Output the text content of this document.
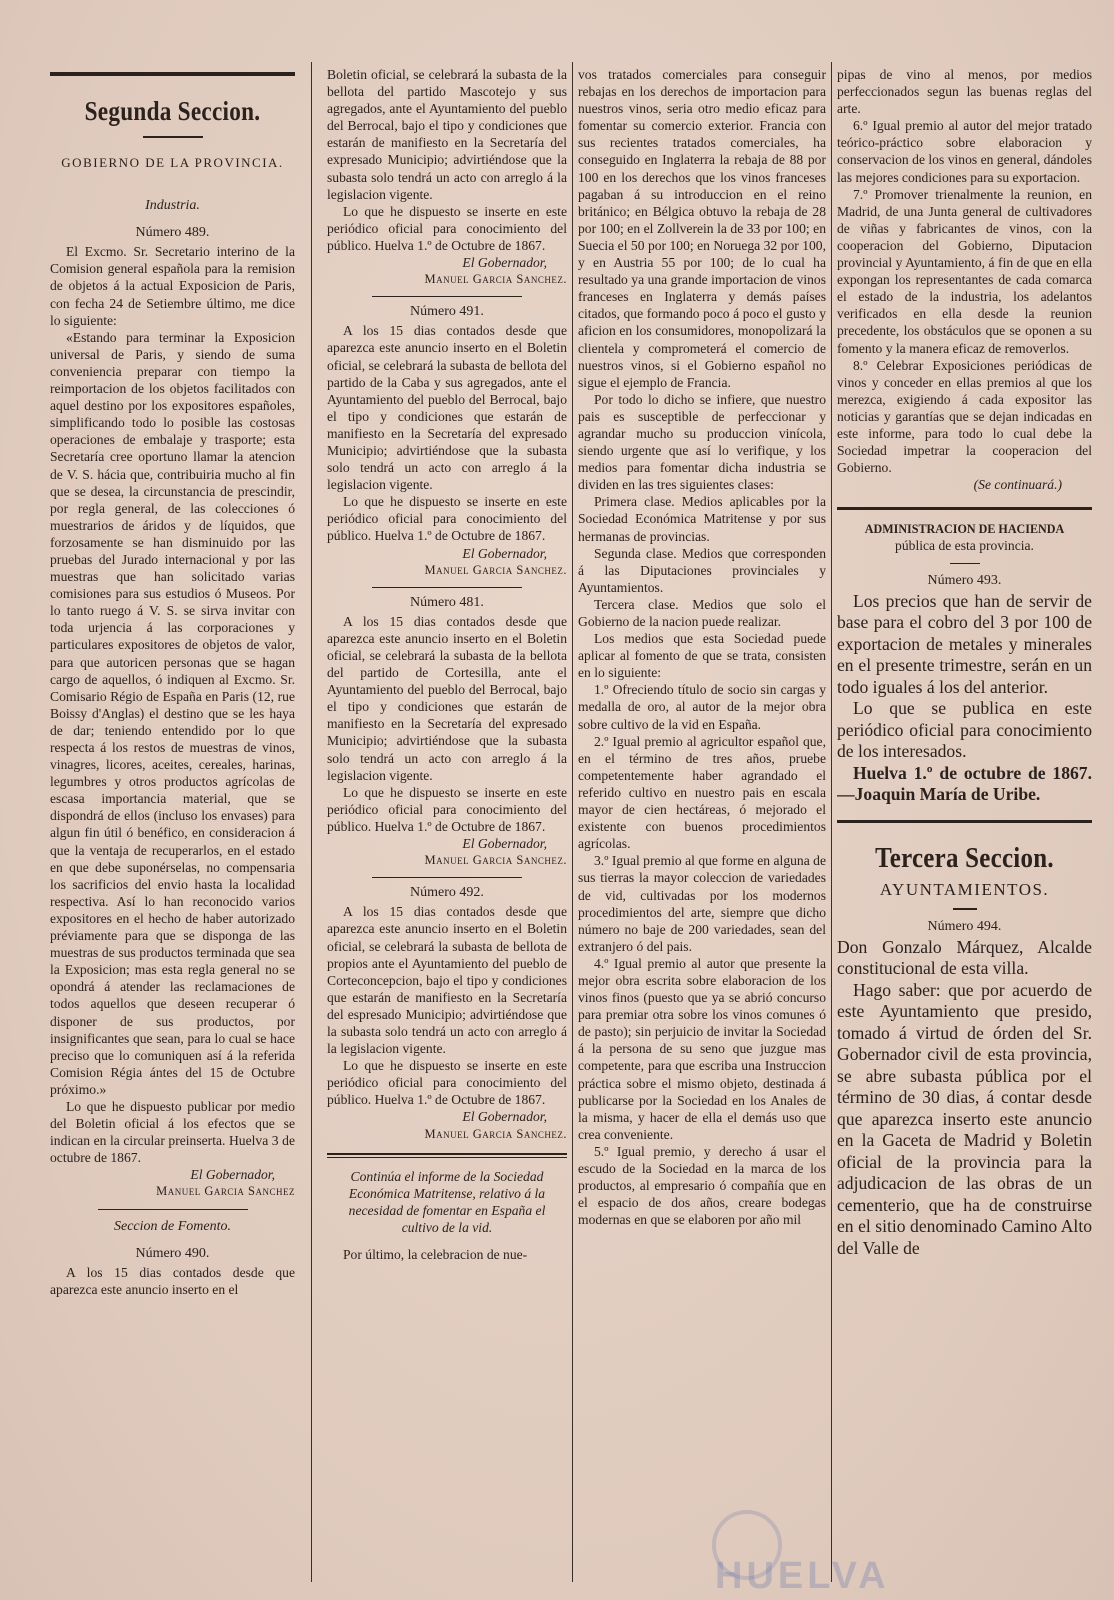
Segunda Seccion.
GOBIERNO DE LA PROVINCIA.
Industria.

Número 489.

El Excmo. Sr. Secretario interino de la Comision general española para la remision de objetos á la actual Exposicion de Paris, con fecha 24 de Setiembre último, me dice lo siguiente:

«Estando para terminar la Exposicion universal de Paris, y siendo de suma conveniencia preparar con tiempo la reimportacion de los objetos facilitados con aquel destino por los expositores españoles, simplificando todo lo posible las costosas operaciones de embalaje y trasporte; esta Secretaría cree oportuno llamar la atencion de V. S. hácia que, contribuiria mucho al fin que se desea, la circunstancia de prescindir, por regla general, de las colecciones ó muestrarios de áridos y de líquidos, que forzosamente se han disminuido por las pruebas del Jurado internacional y por las muestras que han solicitado varias comisiones para sus estudios ó Museos. Por lo tanto ruego á V. S. se sirva invitar con toda urjencia á las corporaciones y particulares expositores de objetos de valor, para que autoricen personas que se hagan cargo de aquellos, ó indiquen al Excmo. Sr. Comisario Régio de España en Paris (12, rue Boissy d'Anglas) el destino que se les haya de dar; teniendo entendido por lo que respecta á los restos de muestras de vinos, vinagres, licores, aceites, cereales, harinas, legumbres y otros productos agrícolas de escasa importancia material, que se dispondrá de ellos (incluso los envases) para algun fin útil ó benéfico, en consideracion á que la ventaja de recuperarlos, en el estado en que debe suponérselas, no compensaria los sacrificios del envio hasta la localidad respectiva. Así lo han reconocido varios expositores en el hecho de haber autorizado préviamente para que se disponga de las muestras de sus productos terminada que sea la Exposicion; mas esta regla general no se opondrá á atender las reclamaciones de todos aquellos que deseen recuperar ó disponer de sus productos, por insignificantes que sean, para lo cual se hace preciso que lo comuniquen así á la referida Comision Régia ántes del 15 de Octubre próximo.»

Lo que he dispuesto publicar por medio del Boletin oficial á los efectos que se indican en la circular preinserta. Huelva 3 de octubre de 1867.

El Gobernador,

Manuel Garcia Sanchez

Seccion de Fomento.

Número 490.

A los 15 dias contados desde que aparezca este anuncio inserto en el

Boletin oficial, se celebrará la subasta de la bellota del partido Mascotejo y sus agregados, ante el Ayuntamiento del pueblo del Berrocal, bajo el tipo y condiciones que estarán de manifiesto en la Secretaría del expresado Municipio; advirtiéndose que la subasta solo tendrá un acto con arreglo á la legislacion vigente.

Lo que he dispuesto se inserte en este periódico oficial para conocimiento del público. Huelva 1.º de Octubre de 1867.

El Gobernador,

Manuel Garcia Sanchez.

Número 491.

A los 15 dias contados desde que aparezca este anuncio inserto en el Boletin oficial, se celebrará la subasta de bellota del partido de la Caba y sus agregados, ante el Ayuntamiento del pueblo del Berrocal, bajo el tipo y condiciones que estarán de manifiesto en la Secretaría del expresado Municipio; advirtiéndose que la subasta solo tendrá un acto con arreglo á la legislacion vigente.

Lo que he dispuesto se inserte en este periódico oficial para conocimiento del público. Huelva 1.º de Octubre de 1867.

El Gobernador,

Manuel Garcia Sanchez.

Número 481.

A los 15 dias contados desde que aparezca este anuncio inserto en el Boletin oficial, se celebrará la subasta de la bellota del partido de Cortesilla, ante el Ayuntamiento del pueblo del Berrocal, bajo el tipo y condiciones que estarán de manifiesto en la Secretaría del expresado Municipio; advirtiéndose que la subasta solo tendrá un acto con arreglo á la legislacion vigente.

Lo que he dispuesto se inserte en este periódico oficial para conocimiento del público. Huelva 1.º de Octubre de 1867.

El Gobernador,

Manuel Garcia Sanchez.

Número 492.

A los 15 dias contados desde que aparezca este anuncio inserto en el Boletin oficial, se celebrará la subasta de bellota de propios ante el Ayuntamiento del pueblo de Corteconcepcion, bajo el tipo y condiciones que estarán de manifiesto en la Secretaría del espresado Municipio; advirtiéndose que la subasta solo tendrá un acto con arreglo á la legislacion vigente.

Lo que he dispuesto se inserte en este periódico oficial para conocimiento del público. Huelva 1.º de Octubre de 1867.

El Gobernador,

Manuel Garcia Sanchez.

Continúa el informe de la Sociedad Económica Matritense, relativo á la necesidad de fomentar en España el cultivo de la vid.

Por último, la celebracion de nue-

vos tratados comerciales para conseguir rebajas en los derechos de importacion para nuestros vinos, seria otro medio eficaz para fomentar su comercio exterior. Francia con sus recientes tratados comerciales, ha conseguido en Inglaterra la rebaja de 88 por 100 en los derechos que los vinos franceses pagaban á su introduccion en el reino británico; en Bélgica obtuvo la rebaja de 28 por 100; en el Zollverein la de 33 por 100; en Suecia el 50 por 100; en Noruega 32 por 100, y en Austria 55 por 100; de lo cual ha resultado ya una grande importacion de vinos franceses en Inglaterra y demás países citados, que formando poco á poco el gusto y aficion en los consumidores, monopolizará la clientela y comprometerá el comercio de nuestros vinos, si el Gobierno español no sigue el ejemplo de Francia.

Por todo lo dicho se infiere, que nuestro pais es susceptible de perfeccionar y agrandar mucho su produccion vinícola, siendo urgente que así lo verifique, y los medios para fomentar dicha industria se dividen en las tres siguientes clases:

Primera clase. Medios aplicables por la Sociedad Económica Matritense y por sus hermanas de provincias.

Segunda clase. Medios que corresponden á las Diputaciones provinciales y Ayuntamientos.

Tercera clase. Medios que solo el Gobierno de la nacion puede realizar.

Los medios que esta Sociedad puede aplicar al fomento de que se trata, consisten en lo siguiente:

1.º Ofreciendo título de socio sin cargas y medalla de oro, al autor de la mejor obra sobre cultivo de la vid en España.

2.º Igual premio al agricultor español que, en el término de tres años, pruebe competentemente haber agrandado el referido cultivo en nuestro pais en escala mayor de cien hectáreas, ó mejorado el existente con buenos procedimientos agrícolas.

3.º Igual premio al que forme en alguna de sus tierras la mayor coleccion de variedades de vid, cultivadas por los modernos procedimientos del arte, siempre que dicho número no baje de 200 variedades, sean del extranjero ó del pais.

4.º Igual premio al autor que presente la mejor obra escrita sobre elaboracion de los vinos finos (puesto que ya se abrió concurso para premiar otra sobre los vinos comunes ó de pasto); sin perjuicio de invitar la Sociedad á la persona de su seno que juzgue mas competente, para que escriba una Instruccion práctica sobre el mismo objeto, destinada á publicarse por la Sociedad en los Anales de la misma, y hacer de ella el demás uso que crea conveniente.

5.º Igual premio, y derecho á usar el escudo de la Sociedad en la marca de los productos, al empresario ó compañía que en el espacio de dos años, creare bodegas modernas en que se elaboren por año mil

pipas de vino al menos, por medios perfeccionados segun las buenas reglas del arte.

6.º Igual premio al autor del mejor tratado teórico-práctico sobre elaboracion y conservacion de los vinos en general, dándoles las mejores condiciones para su exportacion.

7.º Promover trienalmente la reunion, en Madrid, de una Junta general de cultivadores de viñas y fabricantes de vinos, con la cooperacion del Gobierno, Diputacion provincial y Ayuntamiento, á fin de que en ella expongan los representantes de cada comarca el estado de la industria, los adelantos verificados en ella desde la reunion precedente, los obstáculos que se oponen a su fomento y la manera eficaz de removerlos.

8.º Celebrar Exposiciones periódicas de vinos y conceder en ellas premios al que los merezca, exigiendo á cada expositor las noticias y garantías que se dejan indicadas en este informe, para todo lo cual debe la Sociedad impetrar la cooperacion del Gobierno.

(Se continuará.)

ADMINISTRACION DE HACIENDA

pública de esta provincia.

Número 493.

Los precios que han de servir de base para el cobro del 3 por 100 de exportacion de metales y minerales en el presente trimestre, serán en un todo iguales á los del anterior.

Lo que se publica en este periódico oficial para conocimiento de los interesados.

Huelva 1.º de octubre de 1867.—Joaquin María de Uribe.

Tercera Seccion.

AYUNTAMIENTOS.

Número 494.

Don Gonzalo Márquez, Alcalde constitucional de esta villa.

Hago saber: que por acuerdo de este Ayuntamiento que presido, tomado á virtud de órden del Sr. Gobernador civil de esta provincia, se abre subasta pública por el término de 30 dias, á contar desde que aparezca inserto este anuncio en la Gaceta de Madrid y Boletin oficial de la provincia para la adjudicacion de las obras de un cementerio, que ha de construirse en el sitio denominado Camino Alto del Valle de

HUELVA
